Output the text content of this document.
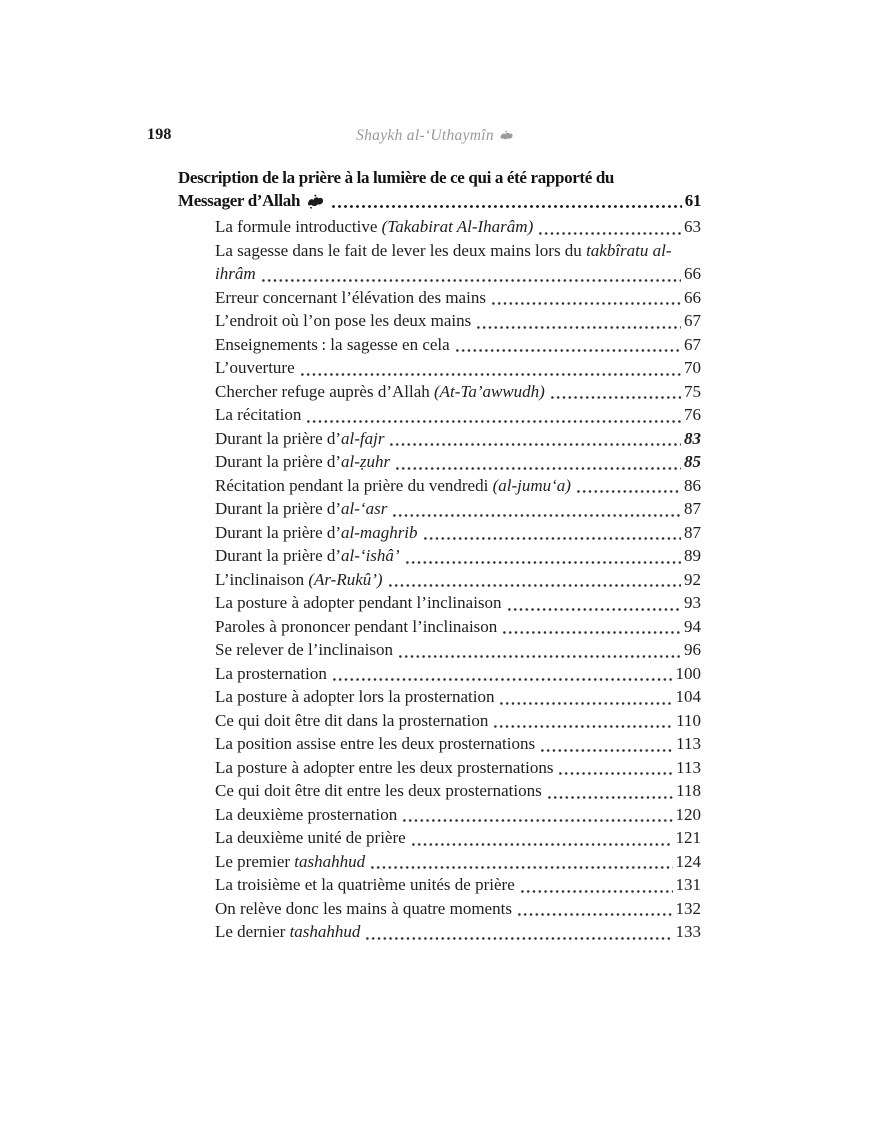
198	Shaykh al-‘Uthaymîn
Description de la prière à la lumière de ce qui a été rapporté du
Messager d’Allah	61
La formule introductive (Takabirat Al-Iharâm)	63
La sagesse dans le fait de lever les deux mains lors du takbîratu al-
ihrâm	66
Erreur concernant l’élévation des mains	66
L’endroit où l’on pose les deux mains	67
Enseignements : la sagesse en cela	67
L’ouverture	70
Chercher refuge auprès d’Allah (At-Ta’awwudh)	75
La récitation	76
Durant la prière d’al-fajr	83
Durant la prière d’al-ẓuhr	85
Récitation pendant la prière du vendredi (al-jumu‘a)	86
Durant la prière d’al-‘asr	87
Durant la prière d’al-maghrib	87
Durant la prière d’al-‘ishâ’	89
L’inclinaison (Ar-Rukû’)	92
La posture à adopter pendant l’inclinaison	93
Paroles à prononcer pendant l’inclinaison	94
Se relever de l’inclinaison	96
La prosternation	100
La posture à adopter lors la prosternation	104
Ce qui doit être dit dans la prosternation	110
La position assise entre les deux prosternations	113
La posture à adopter entre les deux prosternations	113
Ce qui doit être dit entre les deux prosternations	118
La deuxième prosternation	120
La deuxième unité de prière	121
Le premier tashahhud	124
La troisième et la quatrième unités de prière	131
On relève donc les mains à quatre moments	132
Le dernier tashahhud	133
